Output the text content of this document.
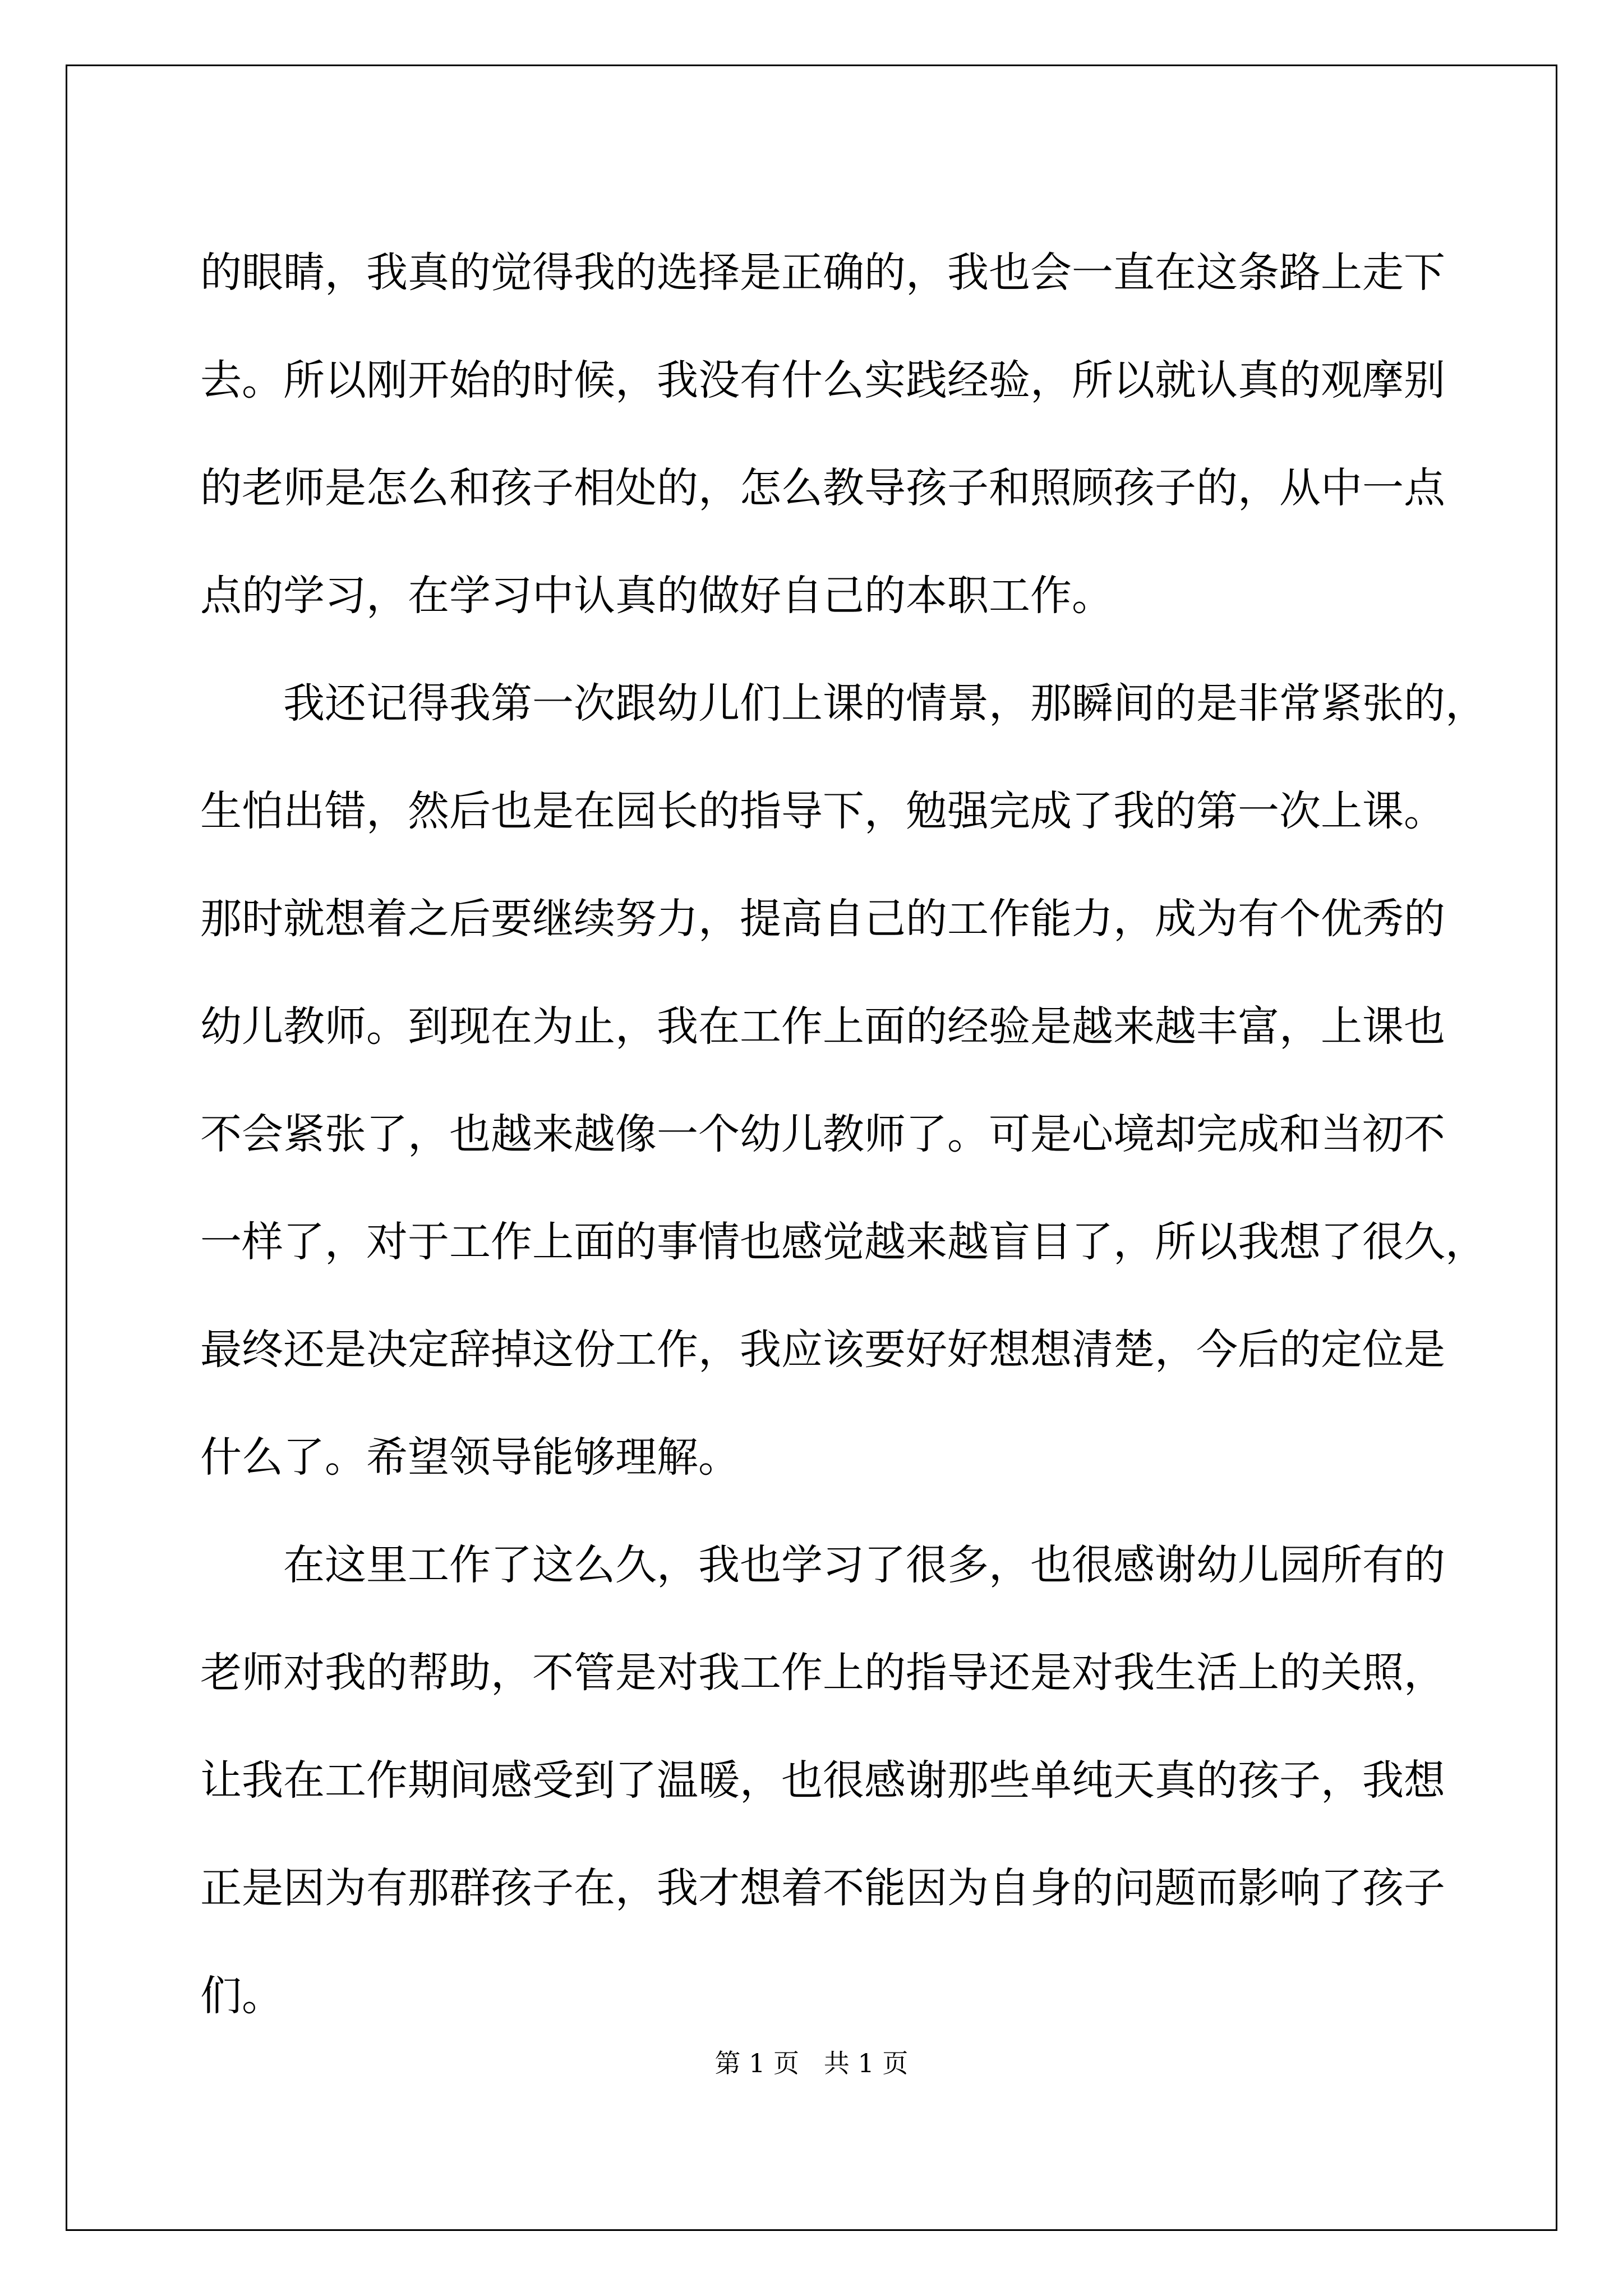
的眼睛，我真的觉得我的选择是正确的，我也会一直在这条路上走下
去。所以刚开始的时候，我没有什么实践经验，所以就认真的观摩别
的老师是怎么和孩子相处的，怎么教导孩子和照顾孩子的，从中一点
点的学习，在学习中认真的做好自己的本职工作。
　　我还记得我第一次跟幼儿们上课的情景，那瞬间的是非常紧张的，
生怕出错，然后也是在园长的指导下，勉强完成了我的第一次上课。
那时就想着之后要继续努力，提高自己的工作能力，成为有个优秀的
幼儿教师。到现在为止，我在工作上面的经验是越来越丰富，上课也
不会紧张了，也越来越像一个幼儿教师了。可是心境却完成和当初不
一样了，对于工作上面的事情也感觉越来越盲目了，所以我想了很久，
最终还是决定辞掉这份工作，我应该要好好想想清楚，今后的定位是
什么了。希望领导能够理解。
　　在这里工作了这么久，我也学习了很多，也很感谢幼儿园所有的
老师对我的帮助，不管是对我工作上的指导还是对我生活上的关照，
让我在工作期间感受到了温暖，也很感谢那些单纯天真的孩子，我想
正是因为有那群孩子在，我才想着不能因为自身的问题而影响了孩子
们。
第 1 页   共 1 页
